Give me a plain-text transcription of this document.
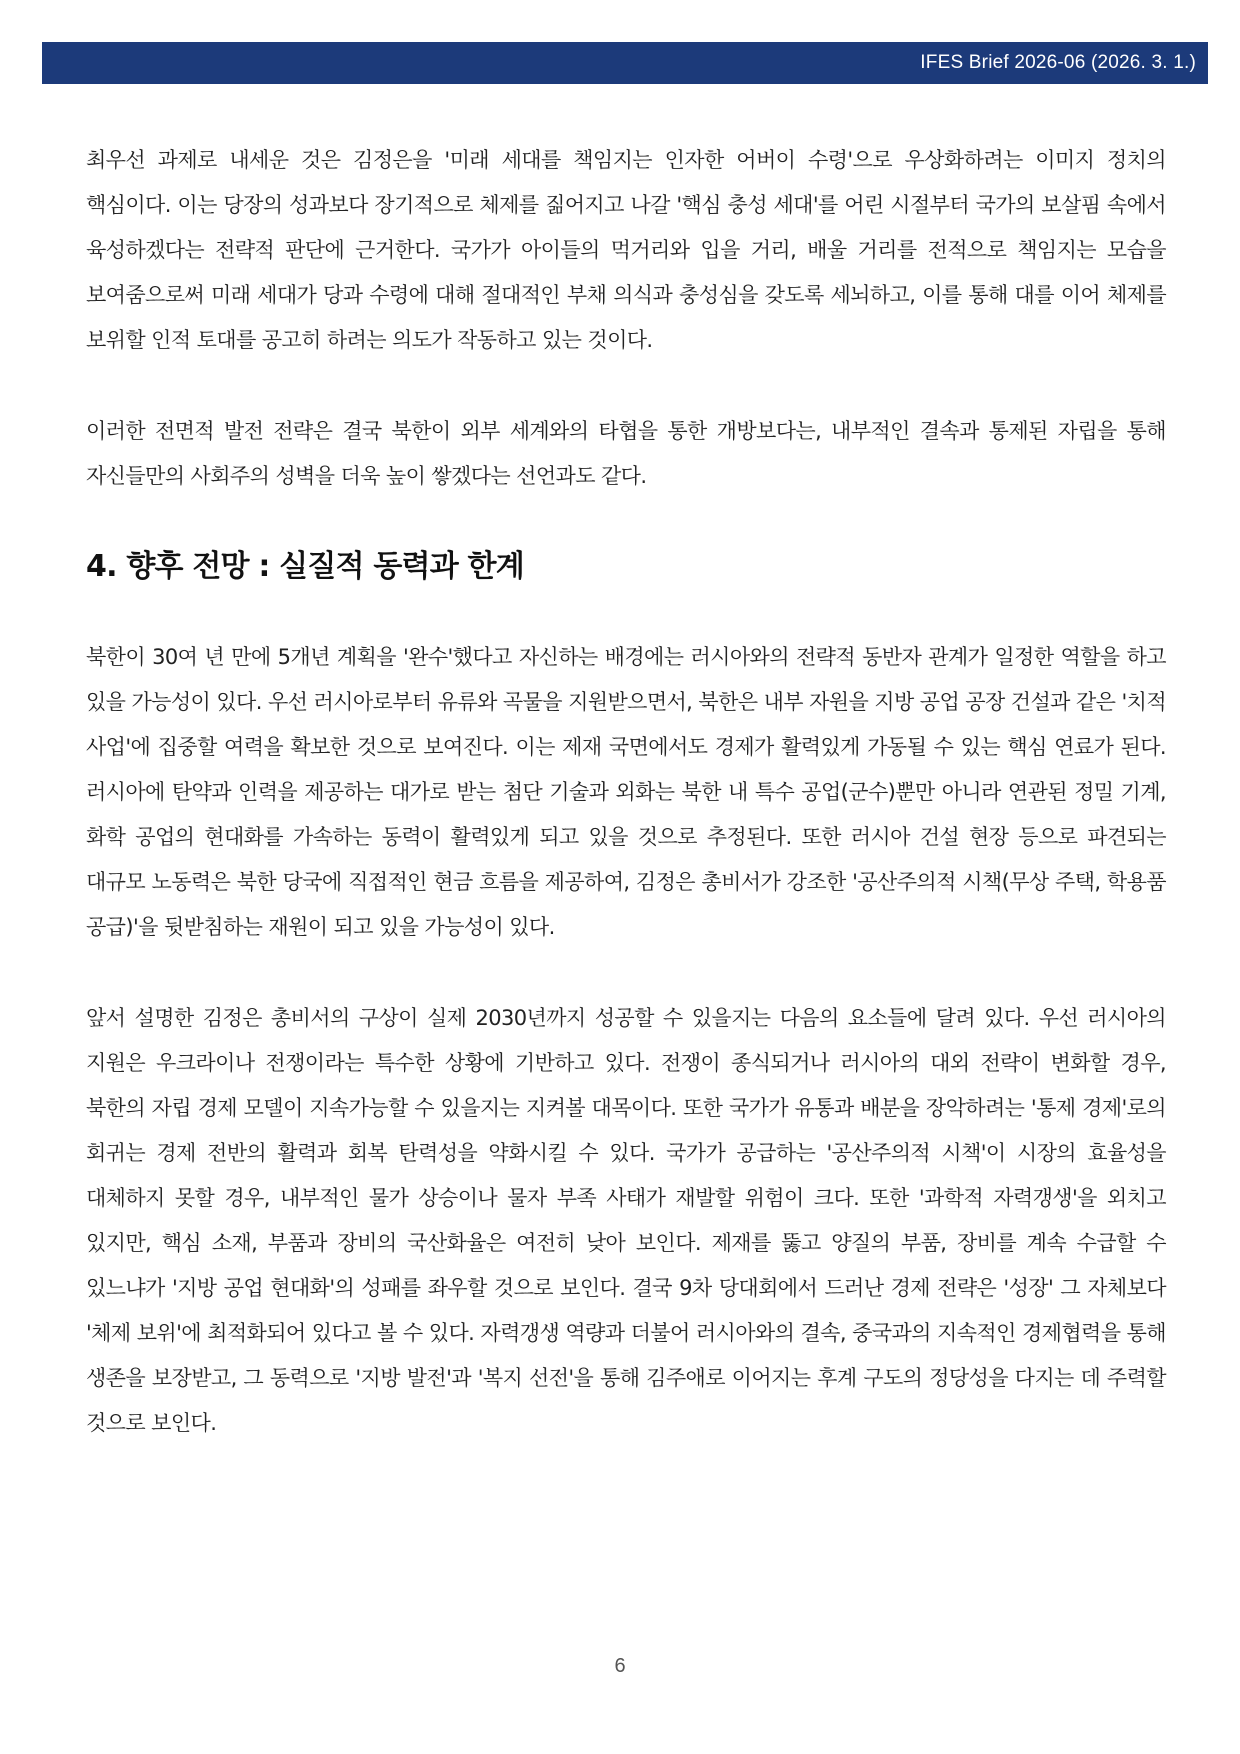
IFES Brief 2026-06 (2026. 3. 1.)

최우선 과제로 내세운 것은 김정은을 '미래 세대를 책임지는 인자한 어버이 수령'으로 우상화하려는 이미지 정치의 핵심이다. 이는 당장의 성과보다 장기적으로 체제를 짊어지고 나갈 '핵심 충성 세대'를 어린 시절부터 국가의 보살핌 속에서 육성하겠다는 전략적 판단에 근거한다. 국가가 아이들의 먹거리와 입을 거리, 배울 거리를 전적으로 책임지는 모습을 보여줌으로써 미래 세대가 당과 수령에 대해 절대적인 부채 의식과 충성심을 갖도록 세뇌하고, 이를 통해 대를 이어 체제를 보위할 인적 토대를 공고히 하려는 의도가 작동하고 있는 것이다.

이러한 전면적 발전 전략은 결국 북한이 외부 세계와의 타협을 통한 개방보다는, 내부적인 결속과 통제된 자립을 통해 자신들만의 사회주의 성벽을 더욱 높이 쌓겠다는 선언과도 같다.

4. 향후 전망 : 실질적 동력과 한계

북한이 30여 년 만에 5개년 계획을 '완수'했다고 자신하는 배경에는 러시아와의 전략적 동반자 관계가 일정한 역할을 하고 있을 가능성이 있다. 우선 러시아로부터 유류와 곡물을 지원받으면서, 북한은 내부 자원을 지방 공업 공장 건설과 같은 '치적 사업'에 집중할 여력을 확보한 것으로 보여진다. 이는 제재 국면에서도 경제가 활력있게 가동될 수 있는 핵심 연료가 된다. 러시아에 탄약과 인력을 제공하는 대가로 받는 첨단 기술과 외화는 북한 내 특수 공업(군수)뿐만 아니라 연관된 정밀 기계, 화학 공업의 현대화를 가속하는 동력이 활력있게 되고 있을 것으로 추정된다. 또한 러시아 건설 현장 등으로 파견되는 대규모 노동력은 북한 당국에 직접적인 현금 흐름을 제공하여, 김정은 총비서가 강조한 '공산주의적 시책(무상 주택, 학용품 공급)'을 뒷받침하는 재원이 되고 있을 가능성이 있다.

앞서 설명한 김정은 총비서의 구상이 실제 2030년까지 성공할 수 있을지는 다음의 요소들에 달려 있다. 우선 러시아의 지원은 우크라이나 전쟁이라는 특수한 상황에 기반하고 있다. 전쟁이 종식되거나 러시아의 대외 전략이 변화할 경우, 북한의 자립 경제 모델이 지속가능할 수 있을지는 지켜볼 대목이다. 또한 국가가 유통과 배분을 장악하려는 '통제 경제'로의 회귀는 경제 전반의 활력과 회복 탄력성을 약화시킬 수 있다. 국가가 공급하는 '공산주의적 시책'이 시장의 효율성을 대체하지 못할 경우, 내부적인 물가 상승이나 물자 부족 사태가 재발할 위험이 크다. 또한 '과학적 자력갱생'을 외치고 있지만, 핵심 소재, 부품과 장비의 국산화율은 여전히 낮아 보인다. 제재를 뚫고 양질의 부품, 장비를 계속 수급할 수 있느냐가 '지방 공업 현대화'의 성패를 좌우할 것으로 보인다. 결국 9차 당대회에서 드러난 경제 전략은 '성장' 그 자체보다 '체제 보위'에 최적화되어 있다고 볼 수 있다. 자력갱생 역량과 더불어 러시아와의 결속, 중국과의 지속적인 경제협력을 통해 생존을 보장받고, 그 동력으로 '지방 발전'과 '복지 선전'을 통해 김주애로 이어지는 후계 구도의 정당성을 다지는 데 주력할 것으로 보인다.

6
